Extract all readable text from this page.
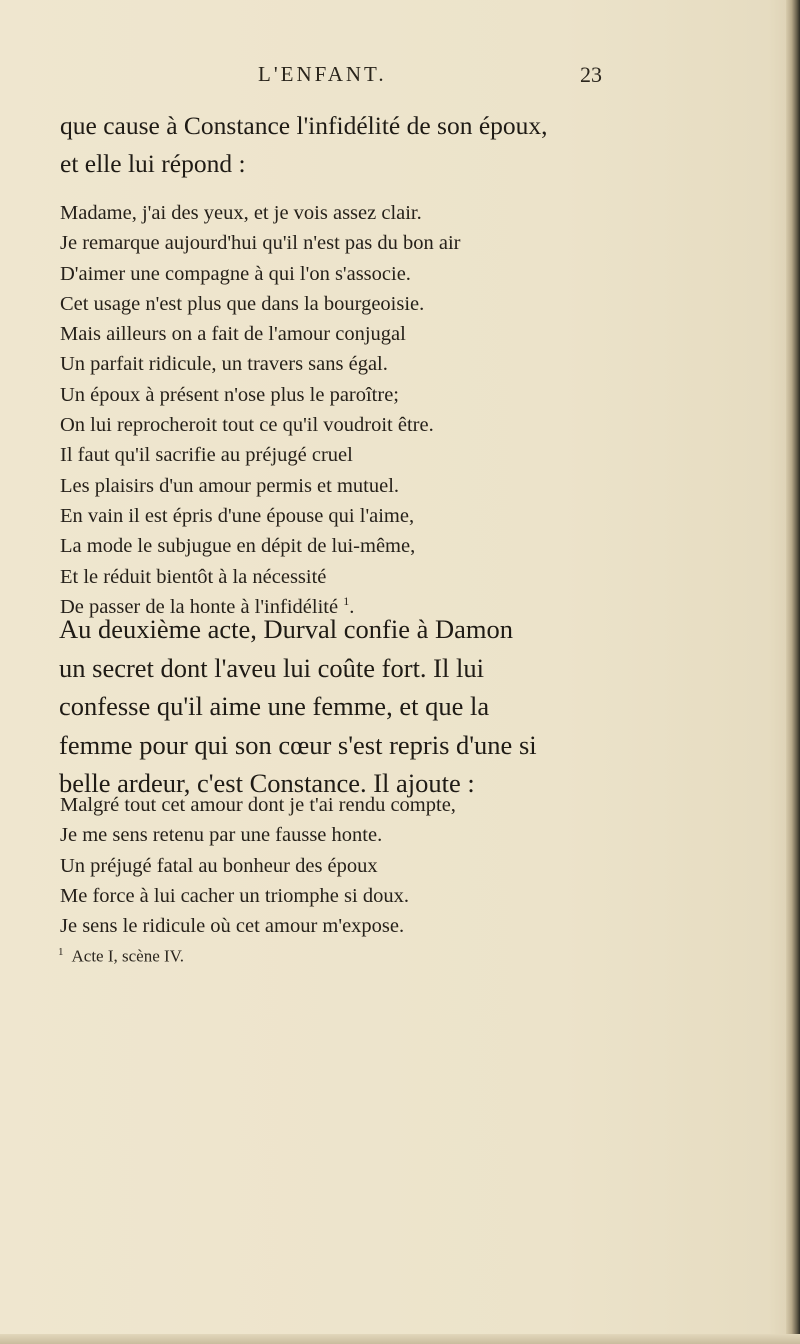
L'ENFANT.	23

que cause à Constance l'infidélité de son époux,
et elle lui répond :

Madame, j'ai des yeux, et je vois assez clair.
Je remarque aujourd'hui qu'il n'est pas du bon air
D'aimer une compagne à qui l'on s'associe.
Cet usage n'est plus que dans la bourgeoisie.
Mais ailleurs on a fait de l'amour conjugal
Un parfait ridicule, un travers sans égal.
Un époux à présent n'ose plus le paroître;
On lui reprocheroit tout ce qu'il voudroit être.
Il faut qu'il sacrifie au préjugé cruel
Les plaisirs d'un amour permis et mutuel.
En vain il est épris d'une épouse qui l'aime,
La mode le subjugue en dépit de lui-même,
Et le réduit bientôt à la nécessité
De passer de la honte à l'infidélité $^1$.

Au deuxième acte, Durval confie à Damon
un secret dont l'aveu lui coûte fort. Il lui
confesse qu'il aime une femme, et que la
femme pour qui son cœur s'est repris d'une si
belle ardeur, c'est Constance. Il ajoute :

Malgré tout cet amour dont je t'ai rendu compte,
Je me sens retenu par une fausse honte.
Un préjugé fatal au bonheur des époux
Me force à lui cacher un triomphe si doux.
Je sens le ridicule où cet amour m'expose.
$^1$ Acte I, scène IV.
